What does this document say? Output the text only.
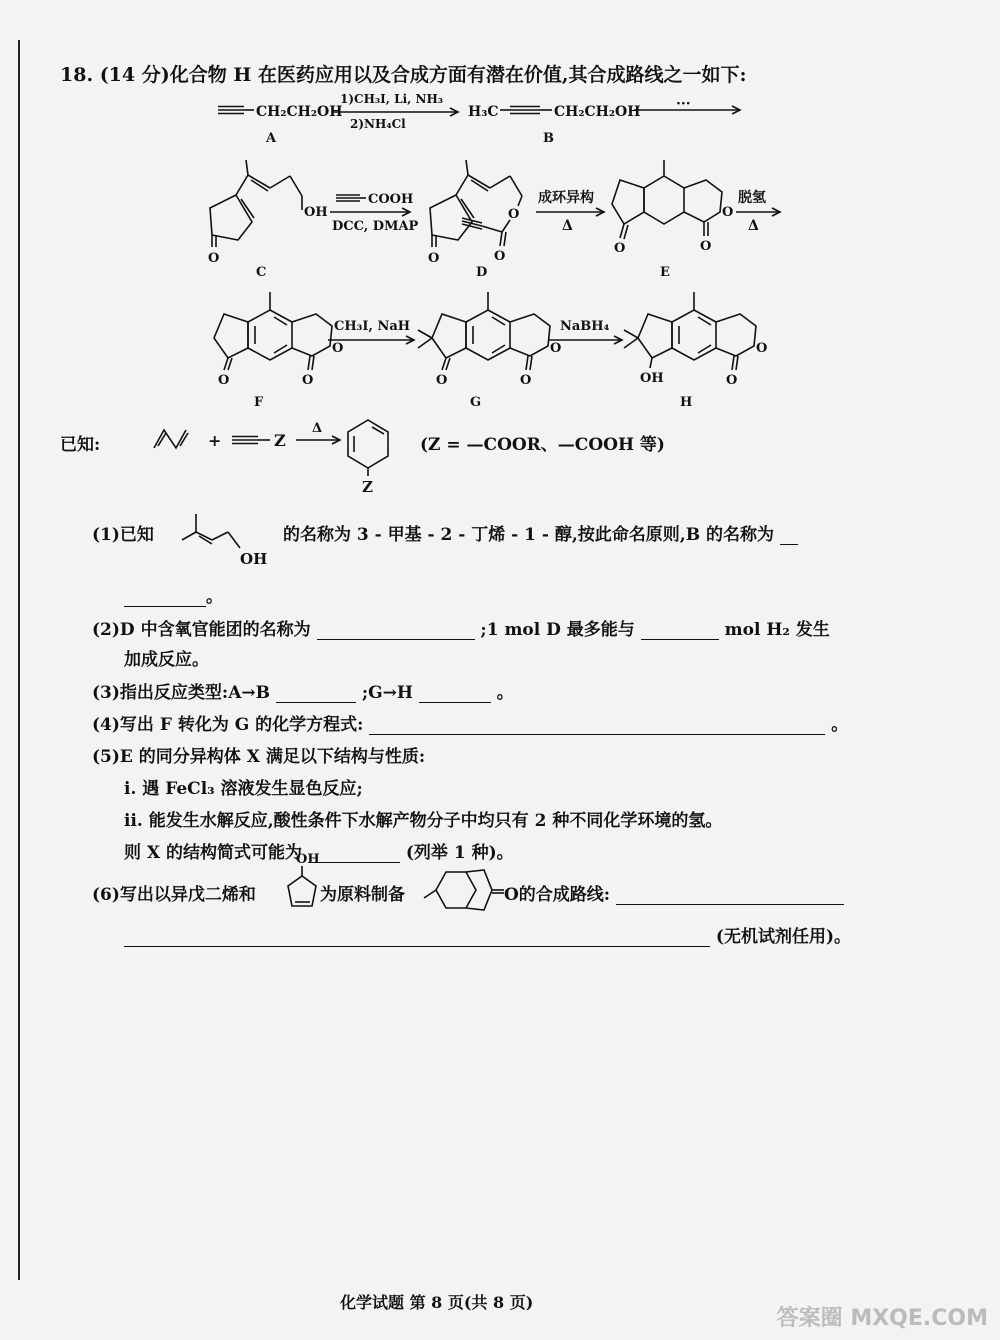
18. (14 分)化合物 H 在医药应用以及合成方面有潜在价值,其合成路线之一如下:
CH₂CH₂OH
A
1)CH₃I, Li, NH₃
2)NH₄Cl
H₃C	CH₂CH₂OH
B
···
OH
O
C
COOH
DCC, DMAP
O
O	O
D
成环异构
Δ
O
O	O
E
脱氢
Δ
O
O	O
F
CH₃I, NaH
O
O	O
G
NaBH₄
O
OH	O
H
+	Z
Δ
Z
已知:	(Z = —COOR、—COOH 等)
(1)已知
OH
的名称为 3 - 甲基 - 2 - 丁烯 - 1 - 醇,按此命名原则,B 的名称为
。
(2)D 中含氧官能团的名称为	;1 mol D 最多能与	mol H₂ 发生
加成反应。
(3)指出反应类型:A→B	;G→H	。
(4)写出 F 转化为 G 的化学方程式:	。
(5)E 的同分异构体 X 满足以下结构与性质:
ⅰ. 遇 FeCl₃ 溶液发生显色反应;
ⅱ. 能发生水解反应,酸性条件下水解产物分子中均只有 2 种不同化学环境的氢。
则 X 的结构简式可能为	(列举 1 种)。
(6)写出以异戊二烯和
OH
为原料制备	O的合成路线:
(无机试剂任用)。
化学试题 第 8 页(共 8 页)
答案圈 MXQE.COM
